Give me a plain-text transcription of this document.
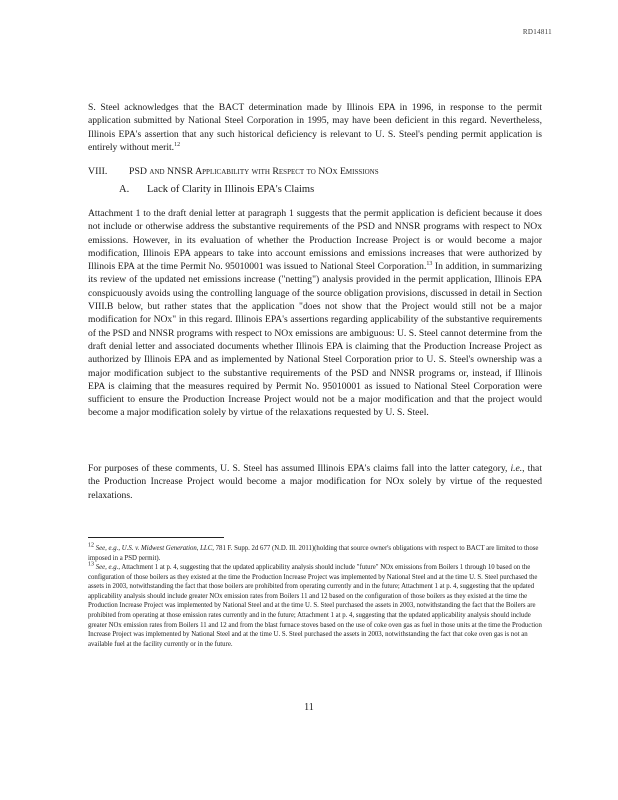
RD14811

S. Steel acknowledges that the BACT determination made by Illinois EPA in 1996, in response to the permit application submitted by National Steel Corporation in 1995, may have been deficient in this regard. Nevertheless, Illinois EPA's assertion that any such historical deficiency is relevant to U. S. Steel's pending permit application is entirely without merit.$^{12}$

VIII. PSD and NNSR Applicability with Respect to NOx Emissions
A. Lack of Clarity in Illinois EPA's Claims

Attachment 1 to the draft denial letter at paragraph 1 suggests that the permit application is deficient because it does not include or otherwise address the substantive requirements of the PSD and NNSR programs with respect to NOx emissions. However, in its evaluation of whether the Production Increase Project is or would become a major modification, Illinois EPA appears to take into account emissions and emissions increases that were authorized by Illinois EPA at the time Permit No. 95010001 was issued to National Steel Corporation.$^{13}$ In addition, in summarizing its review of the updated net emissions increase ("netting") analysis provided in the permit application, Illinois EPA conspicuously avoids using the controlling language of the source obligation provisions, discussed in detail in Section VIII.B below, but rather states that the application "does not show that the Project would still not be a major modification for NOx" in this regard. Illinois EPA's assertions regarding applicability of the substantive requirements of the PSD and NNSR programs with respect to NOx emissions are ambiguous: U. S. Steel cannot determine from the draft denial letter and associated documents whether Illinois EPA is claiming that the Production Increase Project as authorized by Illinois EPA and as implemented by National Steel Corporation prior to U. S. Steel's ownership was a major modification subject to the substantive requirements of the PSD and NNSR programs or, instead, if Illinois EPA is claiming that the measures required by Permit No. 95010001 as issued to National Steel Corporation were sufficient to ensure the Production Increase Project would not be a major modification and that the project would become a major modification solely by virtue of the relaxations requested by U. S. Steel.

For purposes of these comments, U. S. Steel has assumed Illinois EPA's claims fall into the latter category, i.e., that the Production Increase Project would become a major modification for NOx solely by virtue of the requested relaxations.

$^{12}$ See, e.g., U.S. v. Midwest Generation, LLC, 781 F. Supp. 2d 677 (N.D. Ill. 2011)(holding that source owner's obligations with respect to BACT are limited to those imposed in a PSD permit).

$^{13}$ See, e.g., Attachment 1 at p. 4, suggesting that the updated applicability analysis should include "future" NOx emissions from Boilers 1 through 10 based on the configuration of those boilers as they existed at the time the Production Increase Project was implemented by National Steel and at the time U. S. Steel purchased the assets in 2003, notwithstanding the fact that those boilers are prohibited from operating currently and in the future; Attachment 1 at p. 4, suggesting that the updated applicability analysis should include greater NOx emission rates from Boilers 11 and 12 based on the configuration of those boilers as they existed at the time the Production Increase Project was implemented by National Steel and at the time U. S. Steel purchased the assets in 2003, notwithstanding the fact that the Boilers are prohibited from operating at those emission rates currently and in the future; Attachment 1 at p. 4, suggesting that the updated applicability analysis should include greater NOx emission rates from Boilers 11 and 12 and from the blast furnace stoves based on the use of coke oven gas as fuel in those units at the time the Production Increase Project was implemented by National Steel and at the time U. S. Steel purchased the assets in 2003, notwithstanding the fact that coke oven gas is not an available fuel at the facility currently or in the future.

11
